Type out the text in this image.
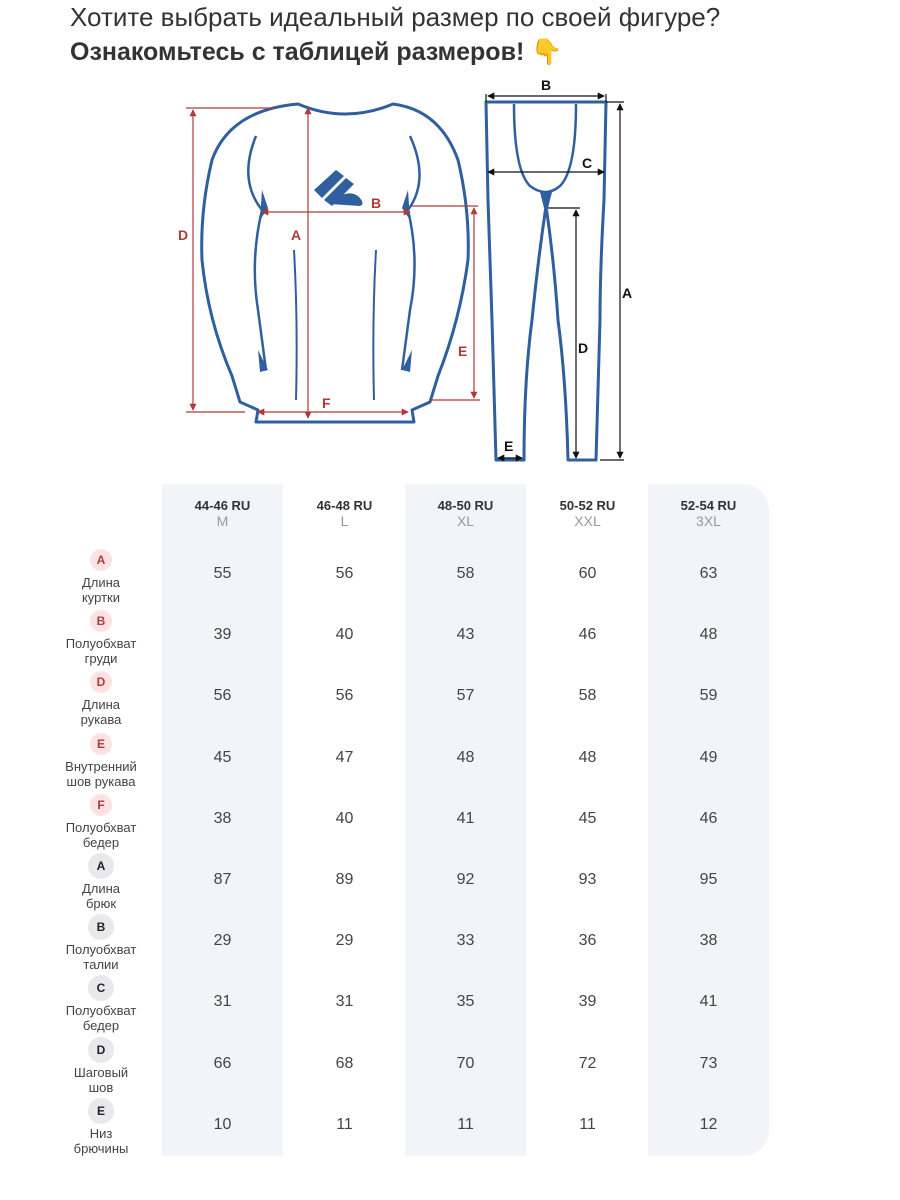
Хотите выбрать идеальный размер по своей фигуре?
Ознакомьтесь с таблицей размеров! 👇
D	A
B
E
F
B
C
A
D
E
44-46 RU
M
46-48 RU
L
48-50 RU
XL
50-52 RU
XXL
52-54 RU
3XL
A
Длина
куртки
55	56	58	60	63
B
Полуобхват
груди
39	40	43	46	48
D
Длина
рукава
56	56	57	58	59
E
Внутренний
шов рукава
45	47	48	48	49
F
Полуобхват
бедер
38	40	41	45	46
A
Длина
брюк
87	89	92	93	95
B
Полуобхват
талии
29	29	33	36	38
C
Полуобхват
бедер
31	31	35	39	41
D
Шаговый
шов
66	68	70	72	73
E
Низ
брючины
10	11	11	11	12
